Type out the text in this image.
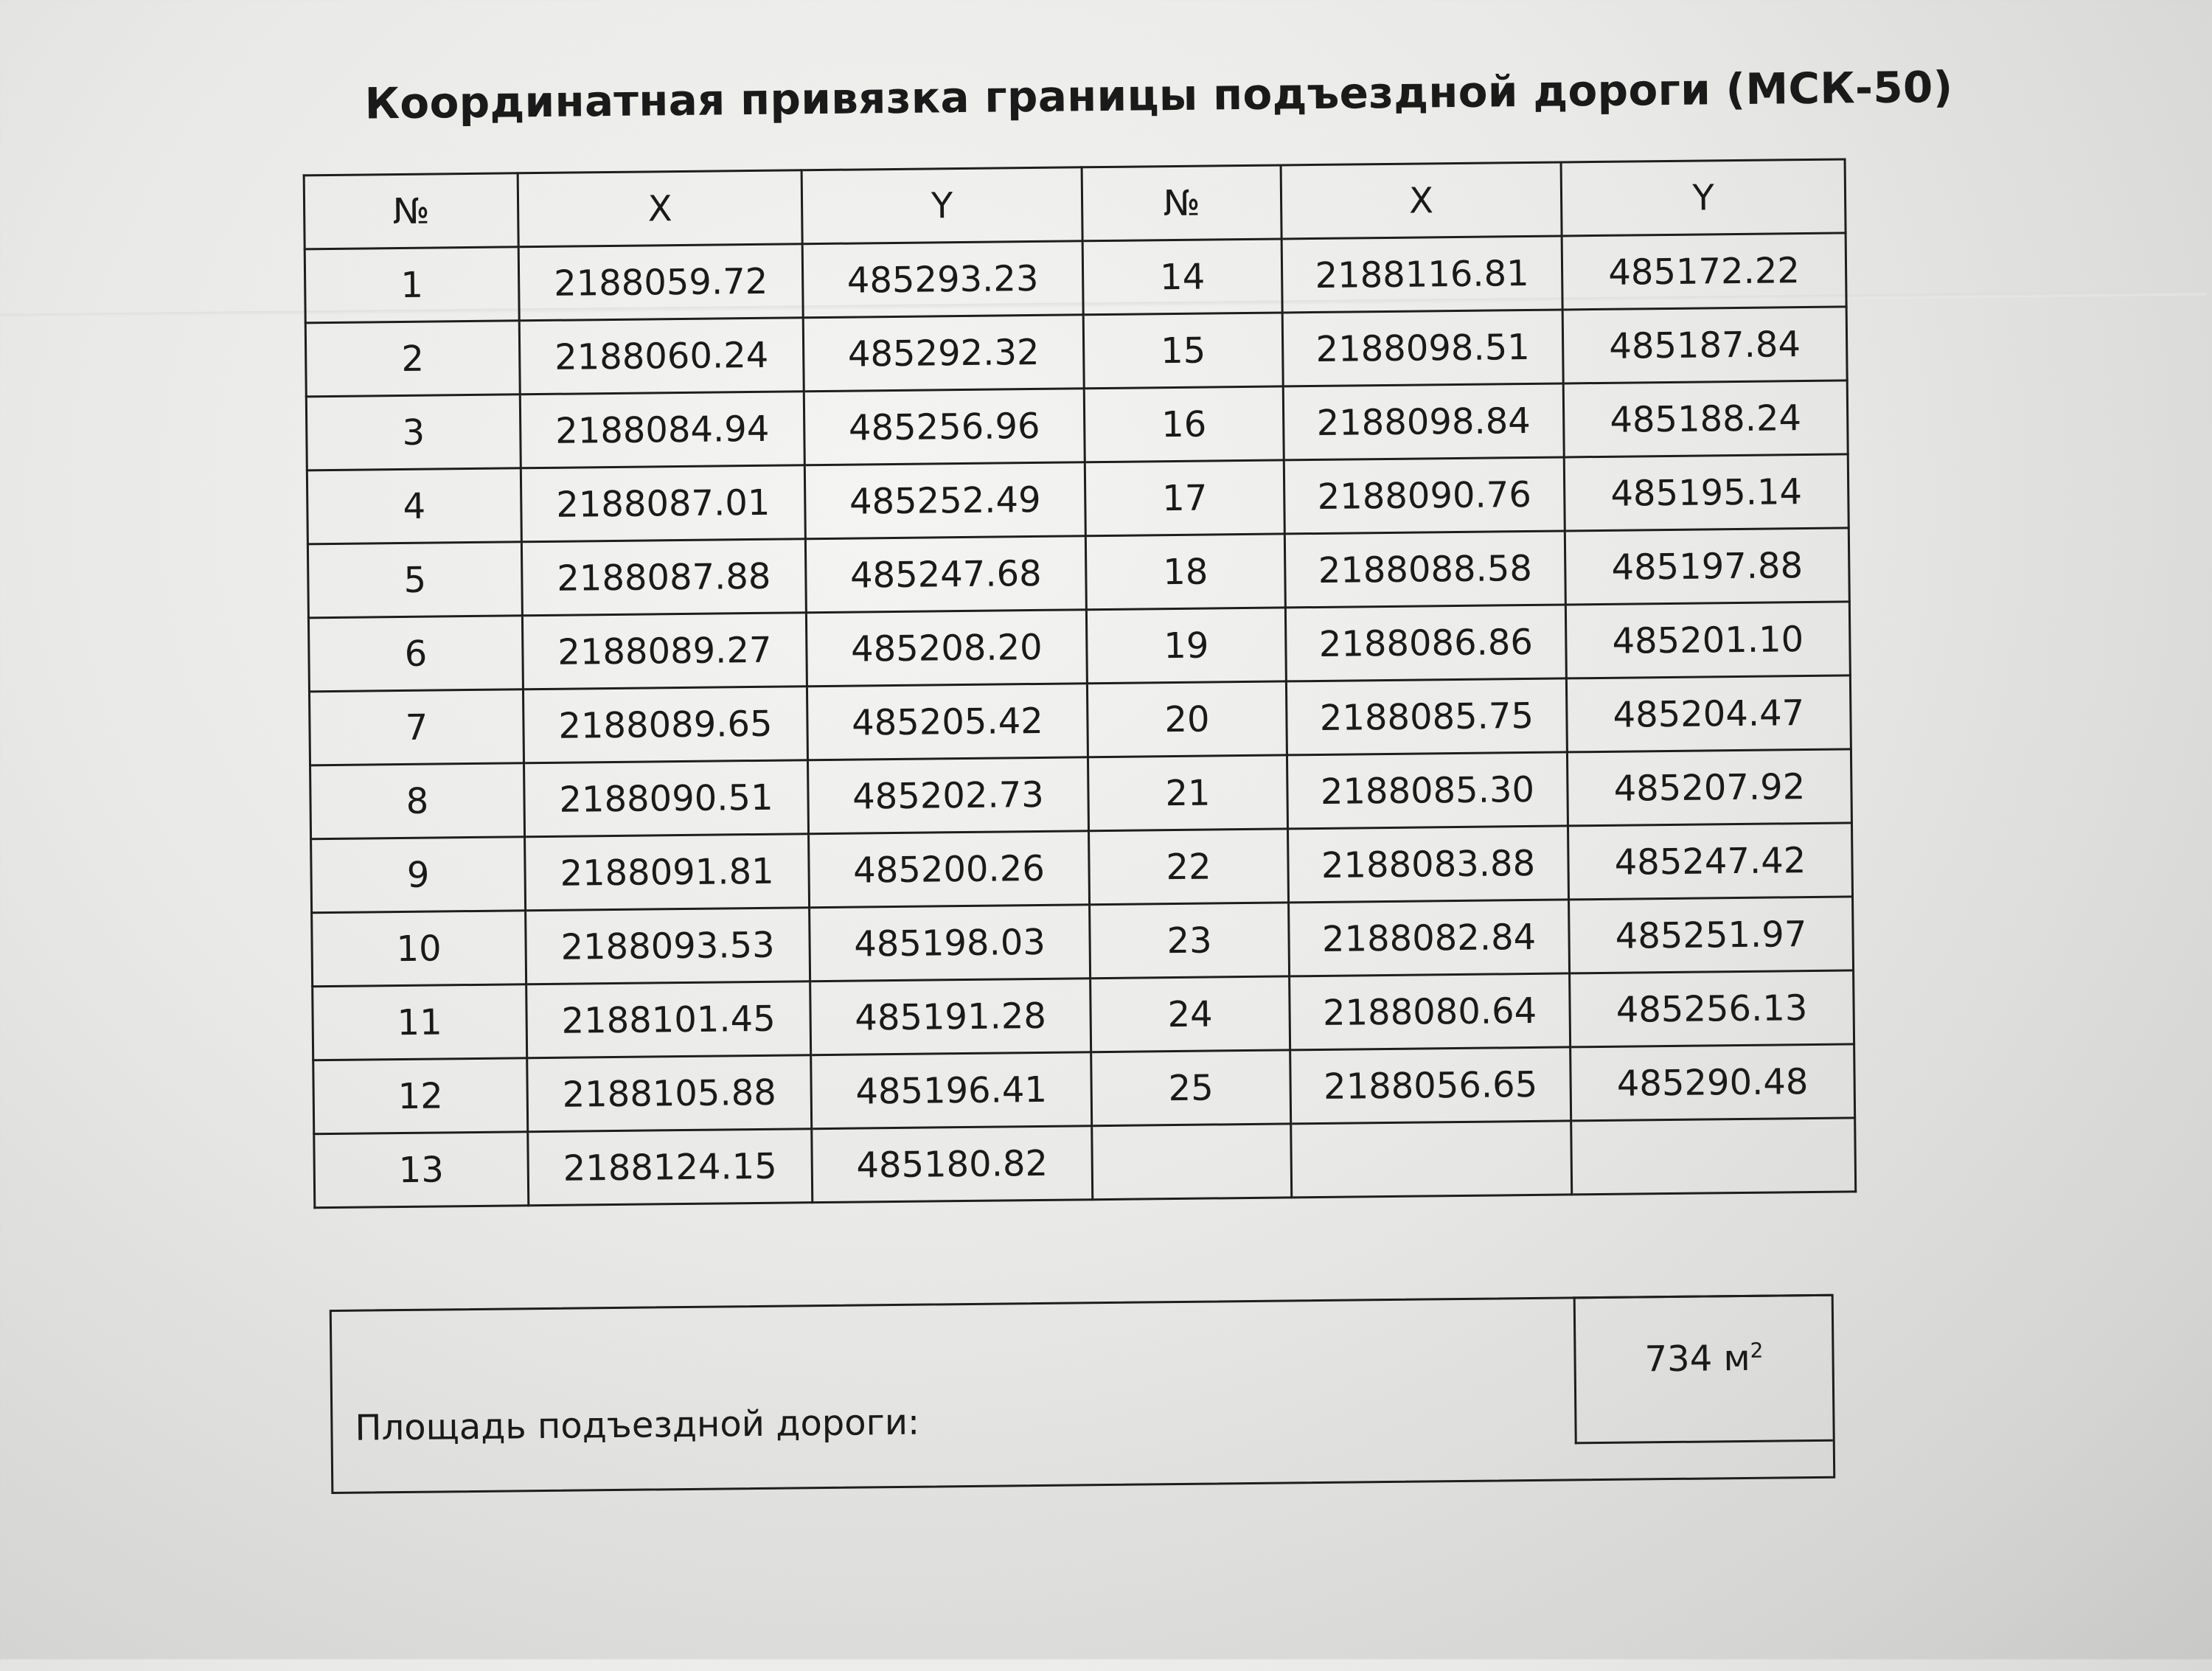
Координатная привязка границы подъездной дороги (МСК-50)
№	X	Y	№	X	Y
1	2188059.72	485293.23	14	2188116.81	485172.22
2	2188060.24	485292.32	15	2188098.51	485187.84
3	2188084.94	485256.96	16	2188098.84	485188.24
4	2188087.01	485252.49	17	2188090.76	485195.14
5	2188087.88	485247.68	18	2188088.58	485197.88
6	2188089.27	485208.20	19	2188086.86	485201.10
7	2188089.65	485205.42	20	2188085.75	485204.47
8	2188090.51	485202.73	21	2188085.30	485207.92
9	2188091.81	485200.26	22	2188083.88	485247.42
10	2188093.53	485198.03	23	2188082.84	485251.97
11	2188101.45	485191.28	24	2188080.64	485256.13
12	2188105.88	485196.41	25	2188056.65	485290.48
13	2188124.15	485180.82			
Площадь подъездной дороги:
734 $м^2$
